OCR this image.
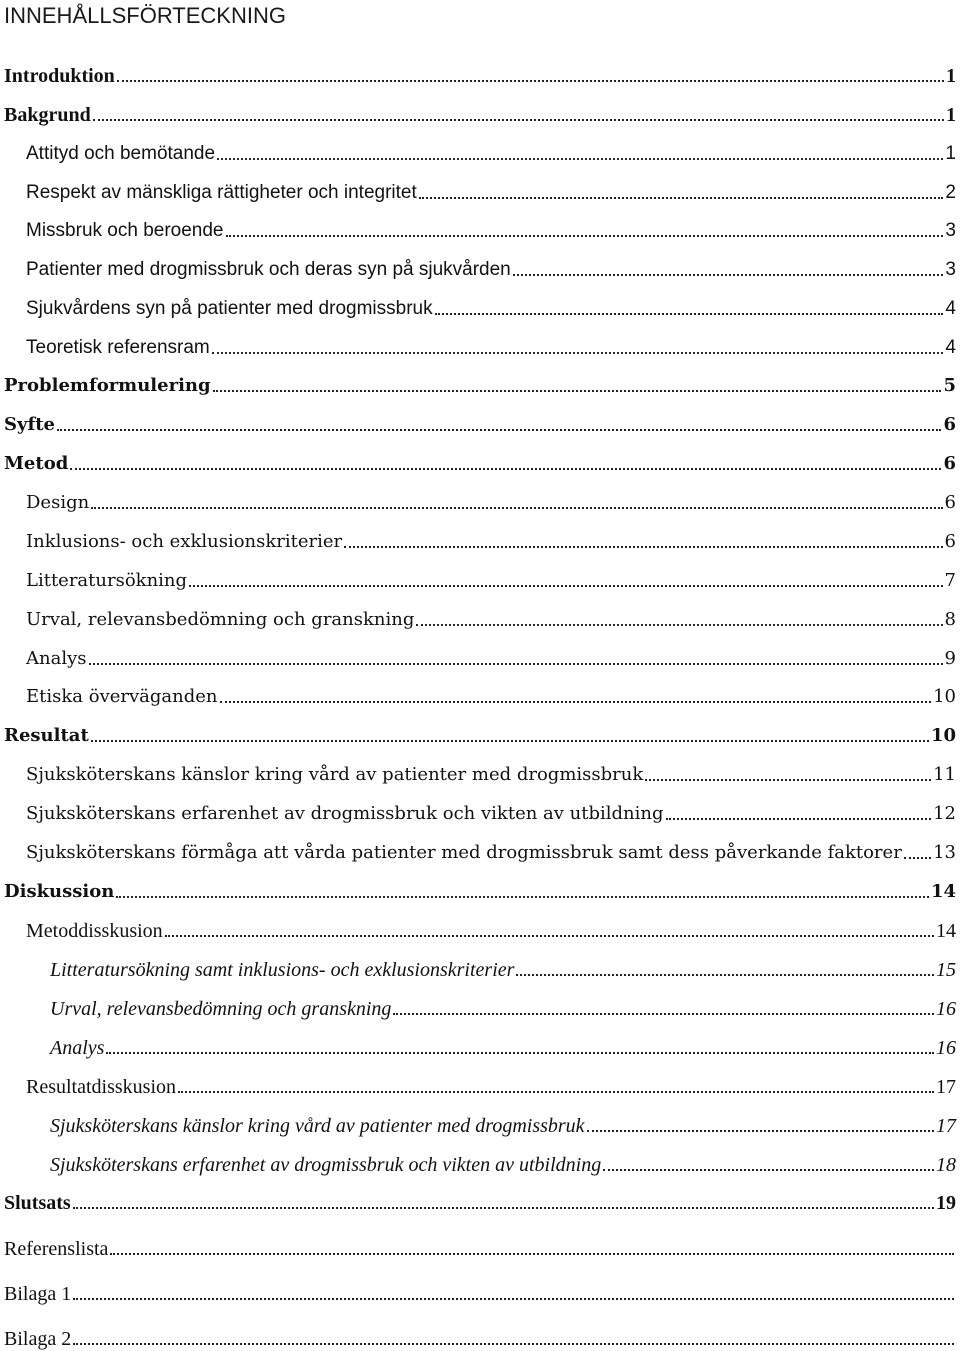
INNEHÅLLSFÖRTECKNING
Introduktion	1
Bakgrund	1
Attityd och bemötande	1
Respekt av mänskliga rättigheter och integritet	2
Missbruk och beroende	3
Patienter med drogmissbruk och deras syn på sjukvården	3
Sjukvårdens syn på patienter med drogmissbruk	4
Teoretisk referensram	4
Problemformulering	5
Syfte	6
Metod	6
Design	6
Inklusions- och exklusionskriterier	6
Litteratursökning	7
Urval, relevansbedömning och granskning	8
Analys	9
Etiska överväganden	10
Resultat	10
Sjuksköterskans känslor kring vård av patienter med drogmissbruk	11
Sjuksköterskans erfarenhet av drogmissbruk och vikten av utbildning	12
Sjuksköterskans förmåga att vårda patienter med drogmissbruk samt dess påverkande faktorer 13
Diskussion	14
Metoddisskusion	14
Litteratursökning samt inklusions- och exklusionskriterier	15
Urval, relevansbedömning och granskning	16
Analys	16
Resultatdisskusion	17
Sjuksköterskans känslor kring vård av patienter med drogmissbruk	17
Sjuksköterskans erfarenhet av drogmissbruk och vikten av utbildning	18
Slutsats	19
Referenslista
Bilaga 1
Bilaga 2
